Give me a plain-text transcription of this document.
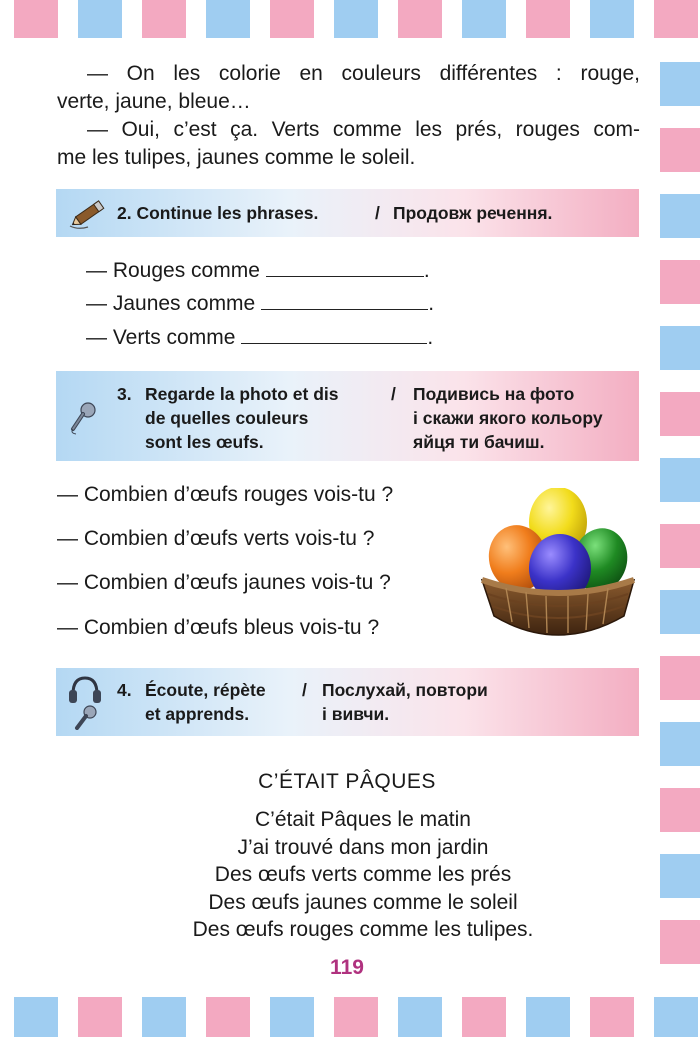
— On les colorie en couleurs différentes : rouge,
verte, jaune, bleue…
— Oui, c’est ça. Verts comme les prés, rouges com-
me les tulipes, jaunes comme le soleil.
2. Continue les phrases.	/ Продовж речення.
— Rouges comme	.
— Jaunes comme	.
— Verts comme	.
3. Regarde la photo et dis
de quelles couleurs
sont les œufs.
/ Подивись на фото
і скажи якого кольору
яйця ти бачиш.
— Combien d’œufs rouges vois-tu ?
— Combien d’œufs verts vois-tu ?
— Combien d’œufs jaunes vois-tu ?
— Combien d’œufs bleus vois-tu ?
4. Écoute, répète
et apprends.
/ Послухай, повтори
і вивчи.
C’ÉTAIT PÂQUES
C’était Pâques le matin
J’ai trouvé dans mon jardin
Des œufs verts comme les prés
Des œufs jaunes comme le soleil
Des œufs rouges comme les tulipes.
119
